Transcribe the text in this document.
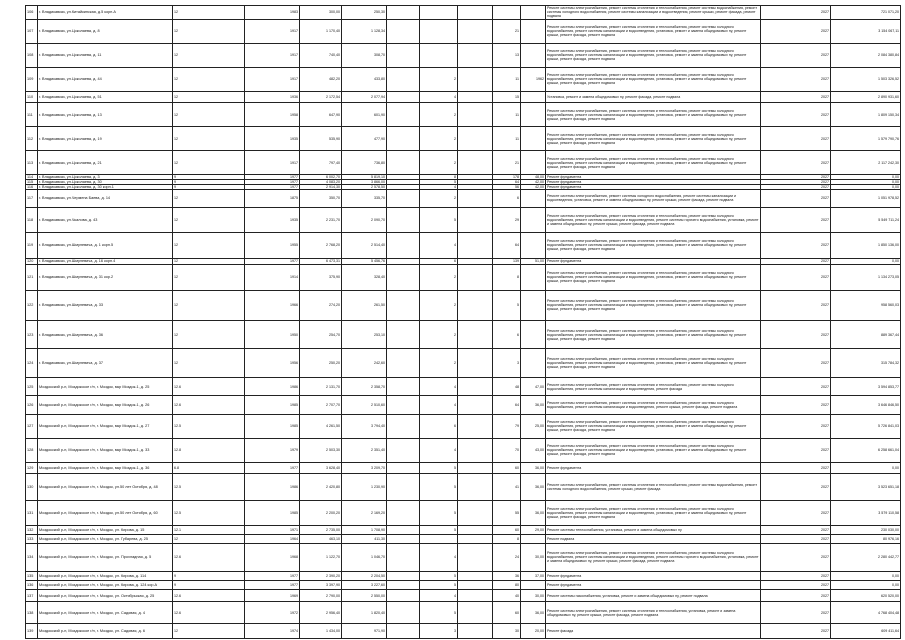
106	г. Владикавказ, ул.Китайкинская, д.5 корп.А	12	1983	300,00	250,30						Ремонт системы электроснабжения, ремонт системы отопления и теплоснабжения, ремонт системы водоснабжения, ремонт системы холодного водоснабжения, ремонт системы канализации и водоотведения, ремонт крыши, ремонт фасада, ремонт подвала	2027	721 071,20
107	г. Владикавказ, ул.Цоколаева, д. 8	12	1917	1 170,40	1 128,34				21		Ремонт системы электроснабжения, ремонт системы отопления и теплоснабжения, ремонт системы холодного водоснабжения, ремонт системы канализации и водоотведения, установка, ремонт и замена общедомовых пу, ремонт крыши, ремонт фасада, ремонт подвала	2027	3 154 067,11
108	г. Владикавказ, ул.Цоколаева, д. 11	12	1917	740,40	308,70				13		Ремонт системы электроснабжения, ремонт системы отопления и теплоснабжения, ремонт системы холодного водоснабжения, ремонт системы канализации и водоотведения, установка, ремонт и замена общедомовых пу, ремонт крыши, ремонт фасада, ремонт подвала	2027	2 084 380,84
109	г. Владикавказ, ул.Цоколаева, д. 44	12	1917	482,20	433,80		2		11	1962	Ремонт системы электроснабжения, ремонт системы отопления и теплоснабжения, ремонт системы холодного водоснабжения, ремонт системы канализации и водоотведения, установка, ремонт и замена общедомовых пу, ремонт крыши, ремонт фасада, ремонт подвала	2027	1 503 326,52
110	г. Владикавказ, ул.Цоколаева, д. 51	12	1936	2 172,54	2 077,94		4		15		Установка, ремонт и замена общедомовых пу, ремонт фасада, ремонт подвала	2027	2 890 931,60
111	г. Владикавказ, ул.Цоколаева, д. 13	12	1958	647,90	601,90		2		11		Ремонт системы электроснабжения, ремонт системы отопления и теплоснабжения, ремонт системы холодного водоснабжения, ремонт системы канализации и водоотведения, установка, ремонт и замена общедомовых пу, ремонт крыши, ремонт фасада, ремонт подвала	2027	1 809 150,34
112	г. Владикавказ, ул.Цоколаева, д. 19	12	1935	535,90	477,90		2		11		Ремонт системы электроснабжения, ремонт системы отопления и теплоснабжения, ремонт системы холодного водоснабжения, ремонт системы канализации и водоотведения, установка, ремонт и замена общедомовых пу, ремонт крыши, ремонт фасада, ремонт подвала	2027	1 579 790,76
113	г. Владикавказ, ул.Цоколаева, д. 21	12	1917	797,40	736,80		2		21		Ремонт системы электроснабжения, ремонт системы отопления и теплоснабжения, ремонт системы холодного водоснабжения, ремонт системы канализации и водоотведения, установка, ремонт и замена общедомовых пу, ремонт крыши, ремонт фасада, ремонт подвала	2027	2 117 242,30
114	г. Владикавказ, ул.Цоколаева, д. 3	9	1977	6 002,70	5 819,10		8		178	48,00	Ремонт фундамента	2027	0,00
115	г. Владикавказ, ул.Цоколаева, д. 30	9	1977	4 083,20	3 866,00		5		64	42,00	Ремонт фундамента	2027	0,00
116	г. Владикавказ, ул.Цоколаева, д. 30 корп.1	9	1977	2 914,30	2 578,50		4		56	42,00	Ремонт фундамента	2027	0,00
117	г. Владикавказ, ул.Чермена Баева, д. 14	12	1875	350,70	335,70		2		6		Ремонт системы электроснабжения, ремонт системы холодного водоснабжения, ремонт системы канализации и водоотведения, установка, ремонт и замена общедомовых пу, ремонт крыши, ремонт фасада, ремонт подвала	2027	1 051 978,52
118	г. Владикавказ, ул.Чкалова, д. 43	12	1935	2 231,70	2 090,70		5		29		Ремонт системы электроснабжения, ремонт системы отопления и теплоснабжения, ремонт системы холодного водоснабжения, ремонт системы канализации и водоотведения, ремонт системы горячего водоснабжения, установка, ремонт и замена общедомовых пу, ремонт крыши, ремонт фасада, ремонт подвала	2027	5 549 711,24
119	г. Владикавказ, ул.Шмулевича, д. 1 корп.5	12	1955	2 768,20	2 514,40		4		64		Ремонт системы электроснабжения, ремонт системы отопления и теплоснабжения, ремонт системы холодного водоснабжения, ремонт системы канализации и водоотведения, установка, ремонт и замена общедомовых пу, ремонт крыши, ремонт фасада, ремонт подвала	2027	1 850 136,00
120	г. Владикавказ, ул.Шмулевича, д. 16 корп.4	12	1977	6 473,31	5 456,76		6		139	51,00	Ремонт фундамента	2027	0,00
121	г. Владикавказ, ул.Шмулевича, д. 31 кор.2	12	1914	375,90	328,40		2		8		Ремонт системы электроснабжения, ремонт системы отопления и теплоснабжения, ремонт системы холодного водоснабжения, ремонт системы канализации и водоотведения, установка, ремонт и замена общедомовых пу, ремонт крыши, ремонт фасада, ремонт подвала	2027	1 134 273,05
122	г. Владикавказ, ул.Шмулевича, д. 33	12	1966	274,20	261,50		2		5		Ремонт системы электроснабжения, ремонт системы отопления и теплоснабжения, ремонт системы холодного водоснабжения, ремонт системы канализации и водоотведения, установка, ремонт и замена общедомовых пу, ремонт крыши, ремонт фасада, ремонт подвала	2027	958 560,03
123	г. Владикавказ, ул.Шмулевича, д. 36	12	1950	254,70	253,10		2		6		Ремонт системы электроснабжения, ремонт системы отопления и теплоснабжения, ремонт системы холодного водоснабжения, ремонт системы канализации и водоотведения, установка, ремонт и замена общедомовых пу, ремонт крыши, ремонт фасада, ремонт подвала	2027	889 367,44
124	г. Владикавказ, ул.Шмулевича, д. 37	12	1956	250,20	242,60		2		3		Ремонт системы электроснабжения, ремонт системы отопления и теплоснабжения, ремонт системы холодного водоснабжения, ремонт системы канализации и водоотведения, установка, ремонт и замена общедомовых пу, ремонт крыши, ремонт фасада, ремонт подвала	2027	315 784,32
125	Моздокский р-н, Моздокское г/п, г. Моздок, мкр Моздок-1, д. 25	12.6	1986	2 131,70	2 358,70		4		48	47,00	Ремонт системы электроснабжения, ремонт системы отопления и теплоснабжения, ремонт системы холодного водоснабжения, ремонт системы канализации и водоотведения, ремонт фасада	2027	3 594 853,77
126	Моздокский р-н, Моздокское г/п, г. Моздок, мкр Моздок-1, д. 26	12.6	1985	2 707,70	2 510,60		4		64	36,00	Ремонт системы электроснабжения, ремонт системы отопления и теплоснабжения, ремонт системы холодного водоснабжения, ремонт системы канализации и водоотведения, ремонт крыши, ремонт фасада, ремонт подвала	2027	3 646 846,50
127	Моздокский р-н, Моздокское г/п, г. Моздок, мкр Моздок-1, д. 27	12.5	1985	4 261,50	3 794,40		6		79	25,00	Ремонт системы электроснабжения, ремонт системы отопления и теплоснабжения, ремонт системы холодного водоснабжения, ремонт системы канализации и водоотведения, установка, ремонт и замена общедомовых пу, ремонт крыши, ремонт фасада, ремонт подвала	2027	5 726 841,03
128	Моздокский р-н, Моздокское г/п, г. Моздок, мкр Моздок-1, д. 33	12.8	1979	2 503,30	2 351,40		4		70	43,00	Ремонт системы электроснабжения, ремонт системы отопления и теплоснабжения, ремонт системы холодного водоснабжения, ремонт системы канализации и водоотведения, установка, ремонт и замена общедомовых пу, ремонт крыши, ремонт фасада, ремонт подвала	2027	6 258 661,04
129	Моздокский р-н, Моздокское г/п, г. Моздок, мкр Моздок-1, д. 36	6.8	1977	3 628,40	3 209,70		5		60	36,00	Ремонт фундамента	2027	0,00
130	Моздокский р-н, Моздокское г/п, г. Моздок, ул.50 лет Октября, д. 48	12.5	1986	2 420,80	1 230,90		5		41	36,00	Ремонт системы электроснабжения, ремонт системы отопления и теплоснабжения, ремонт системы водоснабжения, ремонт системы холодного водоснабжения, ремонт крыши, ремонт фасада	2027	3 523 651,18
131	Моздокский р-н, Моздокское г/п, г. Моздок, ул.50 лет Октября, д. 60	12.5	1985	2 200,20	2 169,20		5		55	36,00	Ремонт системы электроснабжения, ремонт системы отопления и теплоснабжения, ремонт системы холодного водоснабжения, ремонт системы канализации и водоотведения, установка, ремонт и замена общедомовых пу, ремонт крыши, ремонт фасада, ремонт подвала	2027	3 579 110,58
132	Моздокский р-н, Моздокское г/п, г. Моздок, ул. Кирова, д. 15	12.1	1971	2 735,00	1 708,90		5		60	29,00	Ремонт системы теплоснабжения, установка, ремонт и замена общедомовых пу	2027	230 030,00
133	Моздокский р-н, Моздокское г/п, г. Моздок, ул. Губарева, д. 25	12	1964	463,10	411,30				8		Ремонт подвала	2027	80 976,16
134	Моздокский р-н, Моздокское г/п, г. Моздок, ул. Прохладная, д. 5	12.6	1968	1 122,70	1 046,70		4		24	30,00	Ремонт системы электроснабжения, ремонт системы отопления и теплоснабжения, ремонт системы холодного водоснабжения, ремонт системы канализации и водоотведения, ремонт системы горячего водоснабжения, установка, ремонт и замена общедомовых пу, ремонт крыши, ремонт фасада, ремонт подвала	2027	2 280 442,77
135	Моздокский р-н, Моздокское г/п, г. Моздок, ул. Кирова, д. 114	9	1977	2 390,20	2 204,50		5		36	37,00	Ремонт фундамента	2027	0,00
136	Моздокский р-н, Моздокское г/п, г. Моздок, ул. Кирова, д. 124 кор.А	9	1977	3 397,90	3 227,60		5		80		Ремонт фундамента	2027	0,00
137	Моздокский р-н, Моздокское г/п, г. Моздок, ул. Октябрьская, д. 25	12.6	1969	2 790,00	2 550,00		4		40	30,00	Ремонт системы газоснабжения, установка, ремонт и замена общедомовых пу, ремонт подвала	2027	620 520,00
138	Моздокский р-н, Моздокское г/п, г. Моздок, ул. Садовая, д. 4	12.6	1972	2 956,40	1 820,40		5		60	36,00	Ремонт системы электроснабжения, ремонт системы отопления и теплоснабжения, установка, ремонт и замена общедомовых пу, ремонт крыши, ремонт фасада, ремонт подвала	2027	4 768 404,48
139	Моздокский р-н, Моздокское г/п, г. Моздок, ул. Садовая, д. 6	12	1974	1 434,00	971,90		3		30	20,00	Ремонт фасада	2027	609 411,64
